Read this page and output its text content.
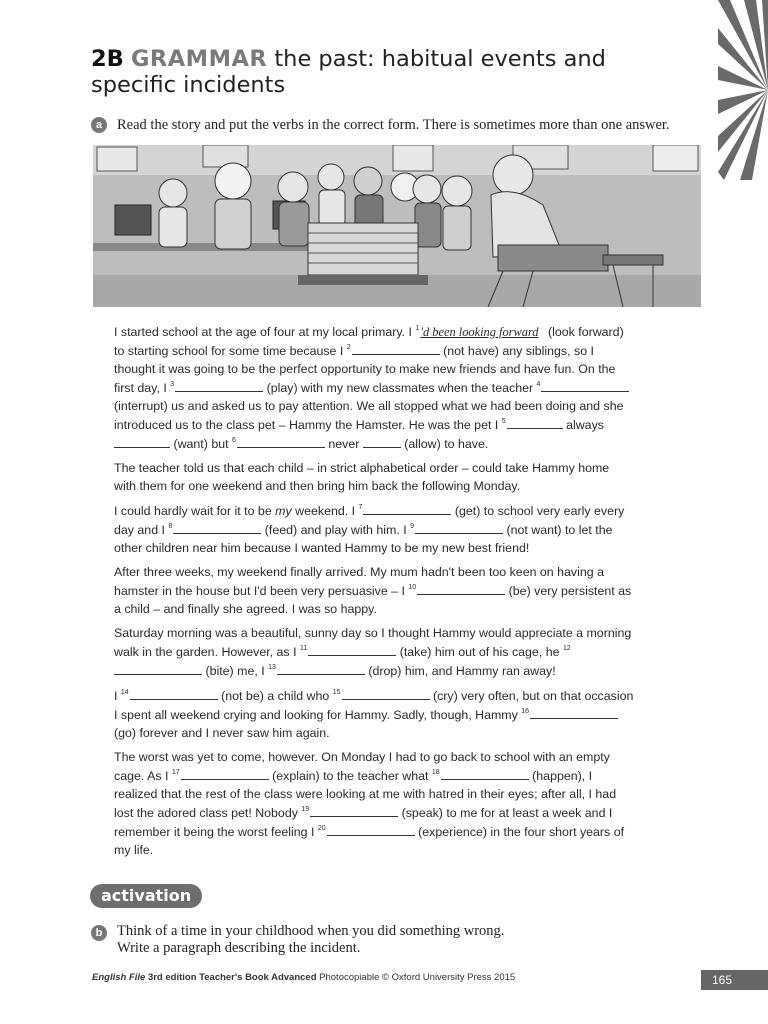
2B GRAMMAR the past: habitual events and specific incidents
a	Read the story and put the verbs in the correct form. There is sometimes more than one answer.

I started school at the age of four at my local primary. I $^1$'d been looking forward (look forward) to starting school for some time because I $^2$	(not have) any siblings, so I thought it was going to be the perfect opportunity to make new friends and have fun. On the first day, I $^3$	(play) with my new classmates when the teacher $^4$ (interrupt) us and asked us to pay attention. We all stopped what we had been doing and she introduced us to the class pet – Hammy the Hamster. He was the pet I $^5$	always  (want) but $^6$	never	(allow) to have.

The teacher told us that each child – in strict alphabetical order – could take Hammy home with them for one weekend and then bring him back the following Monday.

I could hardly wait for it to be my weekend. I $^7$	(get) to school very early every day and I $^8$	(feed) and play with him. I $^9$	(not want) to let the other children near him because I wanted Hammy to be my new best friend!

After three weeks, my weekend finally arrived. My mum hadn't been too keen on having a hamster in the house but I'd been very persuasive – I $^{10}$	(be) very persistent as a child – and finally she agreed. I was so happy.

Saturday morning was a beautiful, sunny day so I thought Hammy would appreciate a morning walk in the garden. However, as I $^{11}$	(take) him out of his cage, he $^{12}$ (bite) me, I $^{13}$	(drop) him, and Hammy ran away!

I $^{14}$	(not be) a child who $^{15}$	(cry) very often, but on that occasion I spent all weekend crying and looking for Hammy. Sadly, though, Hammy $^{16}$ (go) forever and I never saw him again.

The worst was yet to come, however. On Monday I had to go back to school with an empty cage. As I $^{17}$	(explain) to the teacher what $^{18}$	(happen), I realized that the rest of the class were looking at me with hatred in their eyes; after all, I had lost the adored class pet! Nobody $^{19}$	(speak) to me for at least a week and I remember it being the worst feeling I $^{20}$	(experience) in the four short years of my life.

activation
b	Think of a time in your childhood when you did something wrong.
Write a paragraph describing the incident.
English File 3rd edition Teacher's Book Advanced Photocopiable © Oxford University Press 2015	165
